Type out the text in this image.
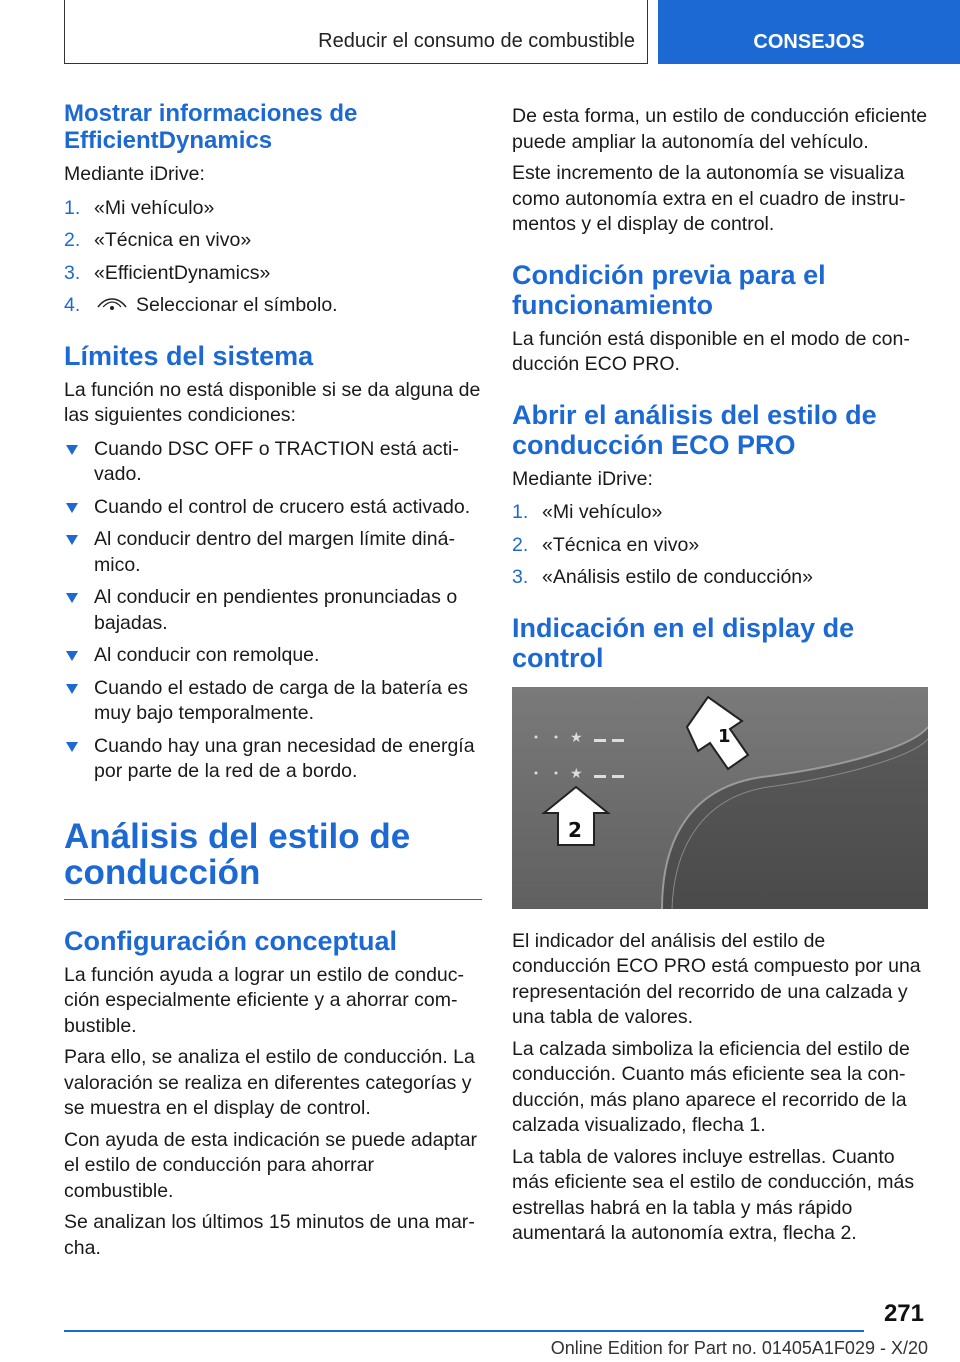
Reducir el consumo de combustible	CONSEJOS
Mostrar informaciones de EfficientDynamics

Mediante iDrive:

1. «Mi vehículo»
2. «Técnica en vivo»
3. «EfficientDynamics»
4.	Seleccionar el símbolo.
Límites del sistema

La función no está disponible si se da alguna de las siguientes condiciones:

Cuando DSC OFF o TRACTION está activado.
Cuando el control de crucero está activado.
Al conducir dentro del margen límite dinámico.
Al conducir en pendientes pronunciadas o bajadas.
Al conducir con remolque.
Cuando el estado de carga de la batería es muy bajo temporalmente.
Cuando hay una gran necesidad de energía por parte de la red de a bordo.
Análisis del estilo de conducción
Configuración conceptual

La función ayuda a lograr un estilo de conducción especialmente eficiente y a ahorrar combustible.

Para ello, se analiza el estilo de conducción. La valoración se realiza en diferentes categorías y se muestra en el display de control.

Con ayuda de esta indicación se puede adaptar el estilo de conducción para ahorrar combustible.

Se analizan los últimos 15 minutos de una marcha.

De esta forma, un estilo de conducción eficiente puede ampliar la autonomía del vehículo.

Este incremento de la autonomía se visualiza como autonomía extra en el cuadro de instrumentos y el display de control.

Condición previa para el funcionamiento

La función está disponible en el modo de conducción ECO PRO.

Abrir el análisis del estilo de conducción ECO PRO

Mediante iDrive:

1. «Mi vehículo»
2. «Técnica en vivo»
3. «Análisis estilo de conducción»
Indicación en el display de control
★
★
1
2

El indicador del análisis del estilo de conducción ECO PRO está compuesto por una representación del recorrido de una calzada y una tabla de valores.

La calzada simboliza la eficiencia del estilo de conducción. Cuanto más eficiente sea la conducción, más plano aparece el recorrido de la calzada visualizado, flecha 1.

La tabla de valores incluye estrellas. Cuanto más eficiente sea el estilo de conducción, más estrellas habrá en la tabla y más rápido aumentará la autonomía extra, flecha 2.

271
Online Edition for Part no. 01405A1F029 - X/20
